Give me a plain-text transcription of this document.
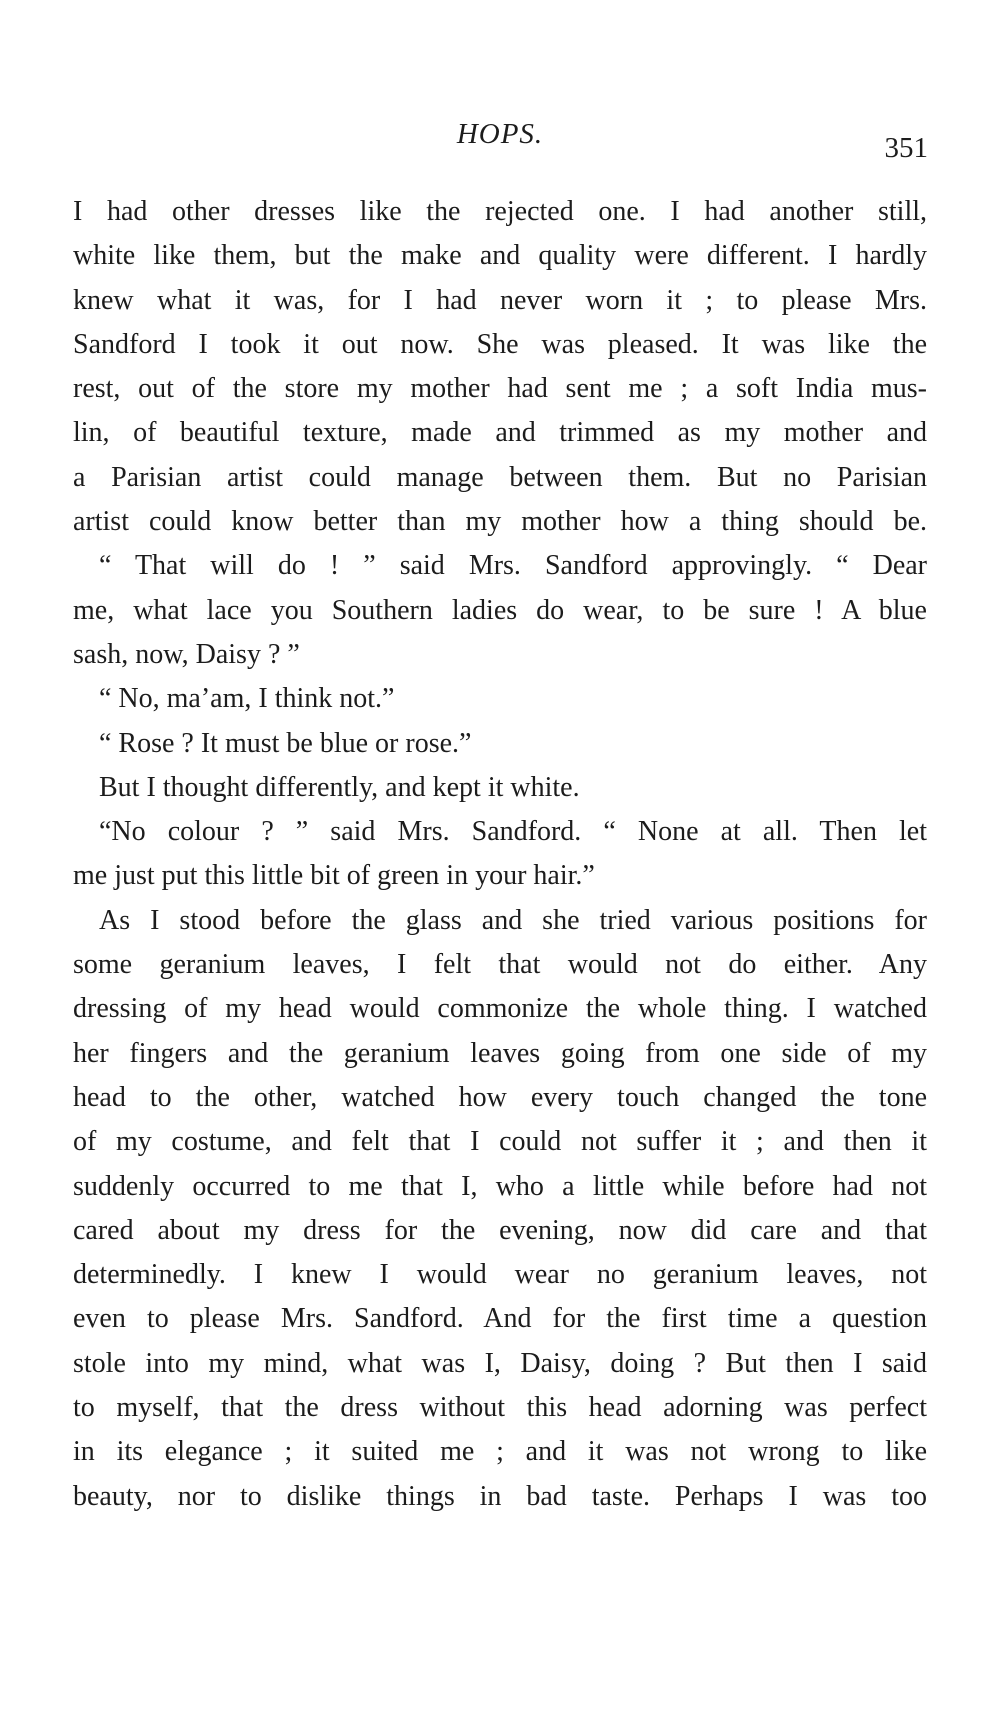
HOPS.	351
I had other dresses like the rejected one. I had another still,
white like them, but the make and quality were different. I hardly
knew what it was, for I had never worn it ; to please Mrs.
Sandford I took it out now. She was pleased. It was like the
rest, out of the store my mother had sent me ; a soft India mus-
lin, of beautiful texture, made and trimmed as my mother and
a Parisian artist could manage between them. But no Parisian
artist could know better than my mother how a thing should be.
“ That will do ! ” said Mrs. Sandford approvingly. “ Dear
me, what lace you Southern ladies do wear, to be sure ! A blue
sash, now, Daisy ? ”
“ No, ma’am, I think not.”
“ Rose ? It must be blue or rose.”
But I thought differently, and kept it white.
“No colour ? ” said Mrs. Sandford. “ None at all. Then let
me just put this little bit of green in your hair.”
As I stood before the glass and she tried various positions for
some geranium leaves, I felt that would not do either. Any
dressing of my head would commonize the whole thing. I watched
her fingers and the geranium leaves going from one side of my
head to the other, watched how every touch changed the tone
of my costume, and felt that I could not suffer it ; and then it
suddenly occurred to me that I, who a little while before had not
cared about my dress for the evening, now did care and that
determinedly. I knew I would wear no geranium leaves, not
even to please Mrs. Sandford. And for the first time a question
stole into my mind, what was I, Daisy, doing ? But then I said
to myself, that the dress without this head adorning was perfect
in its elegance ; it suited me ; and it was not wrong to like
beauty, nor to dislike things in bad taste. Perhaps I was too
